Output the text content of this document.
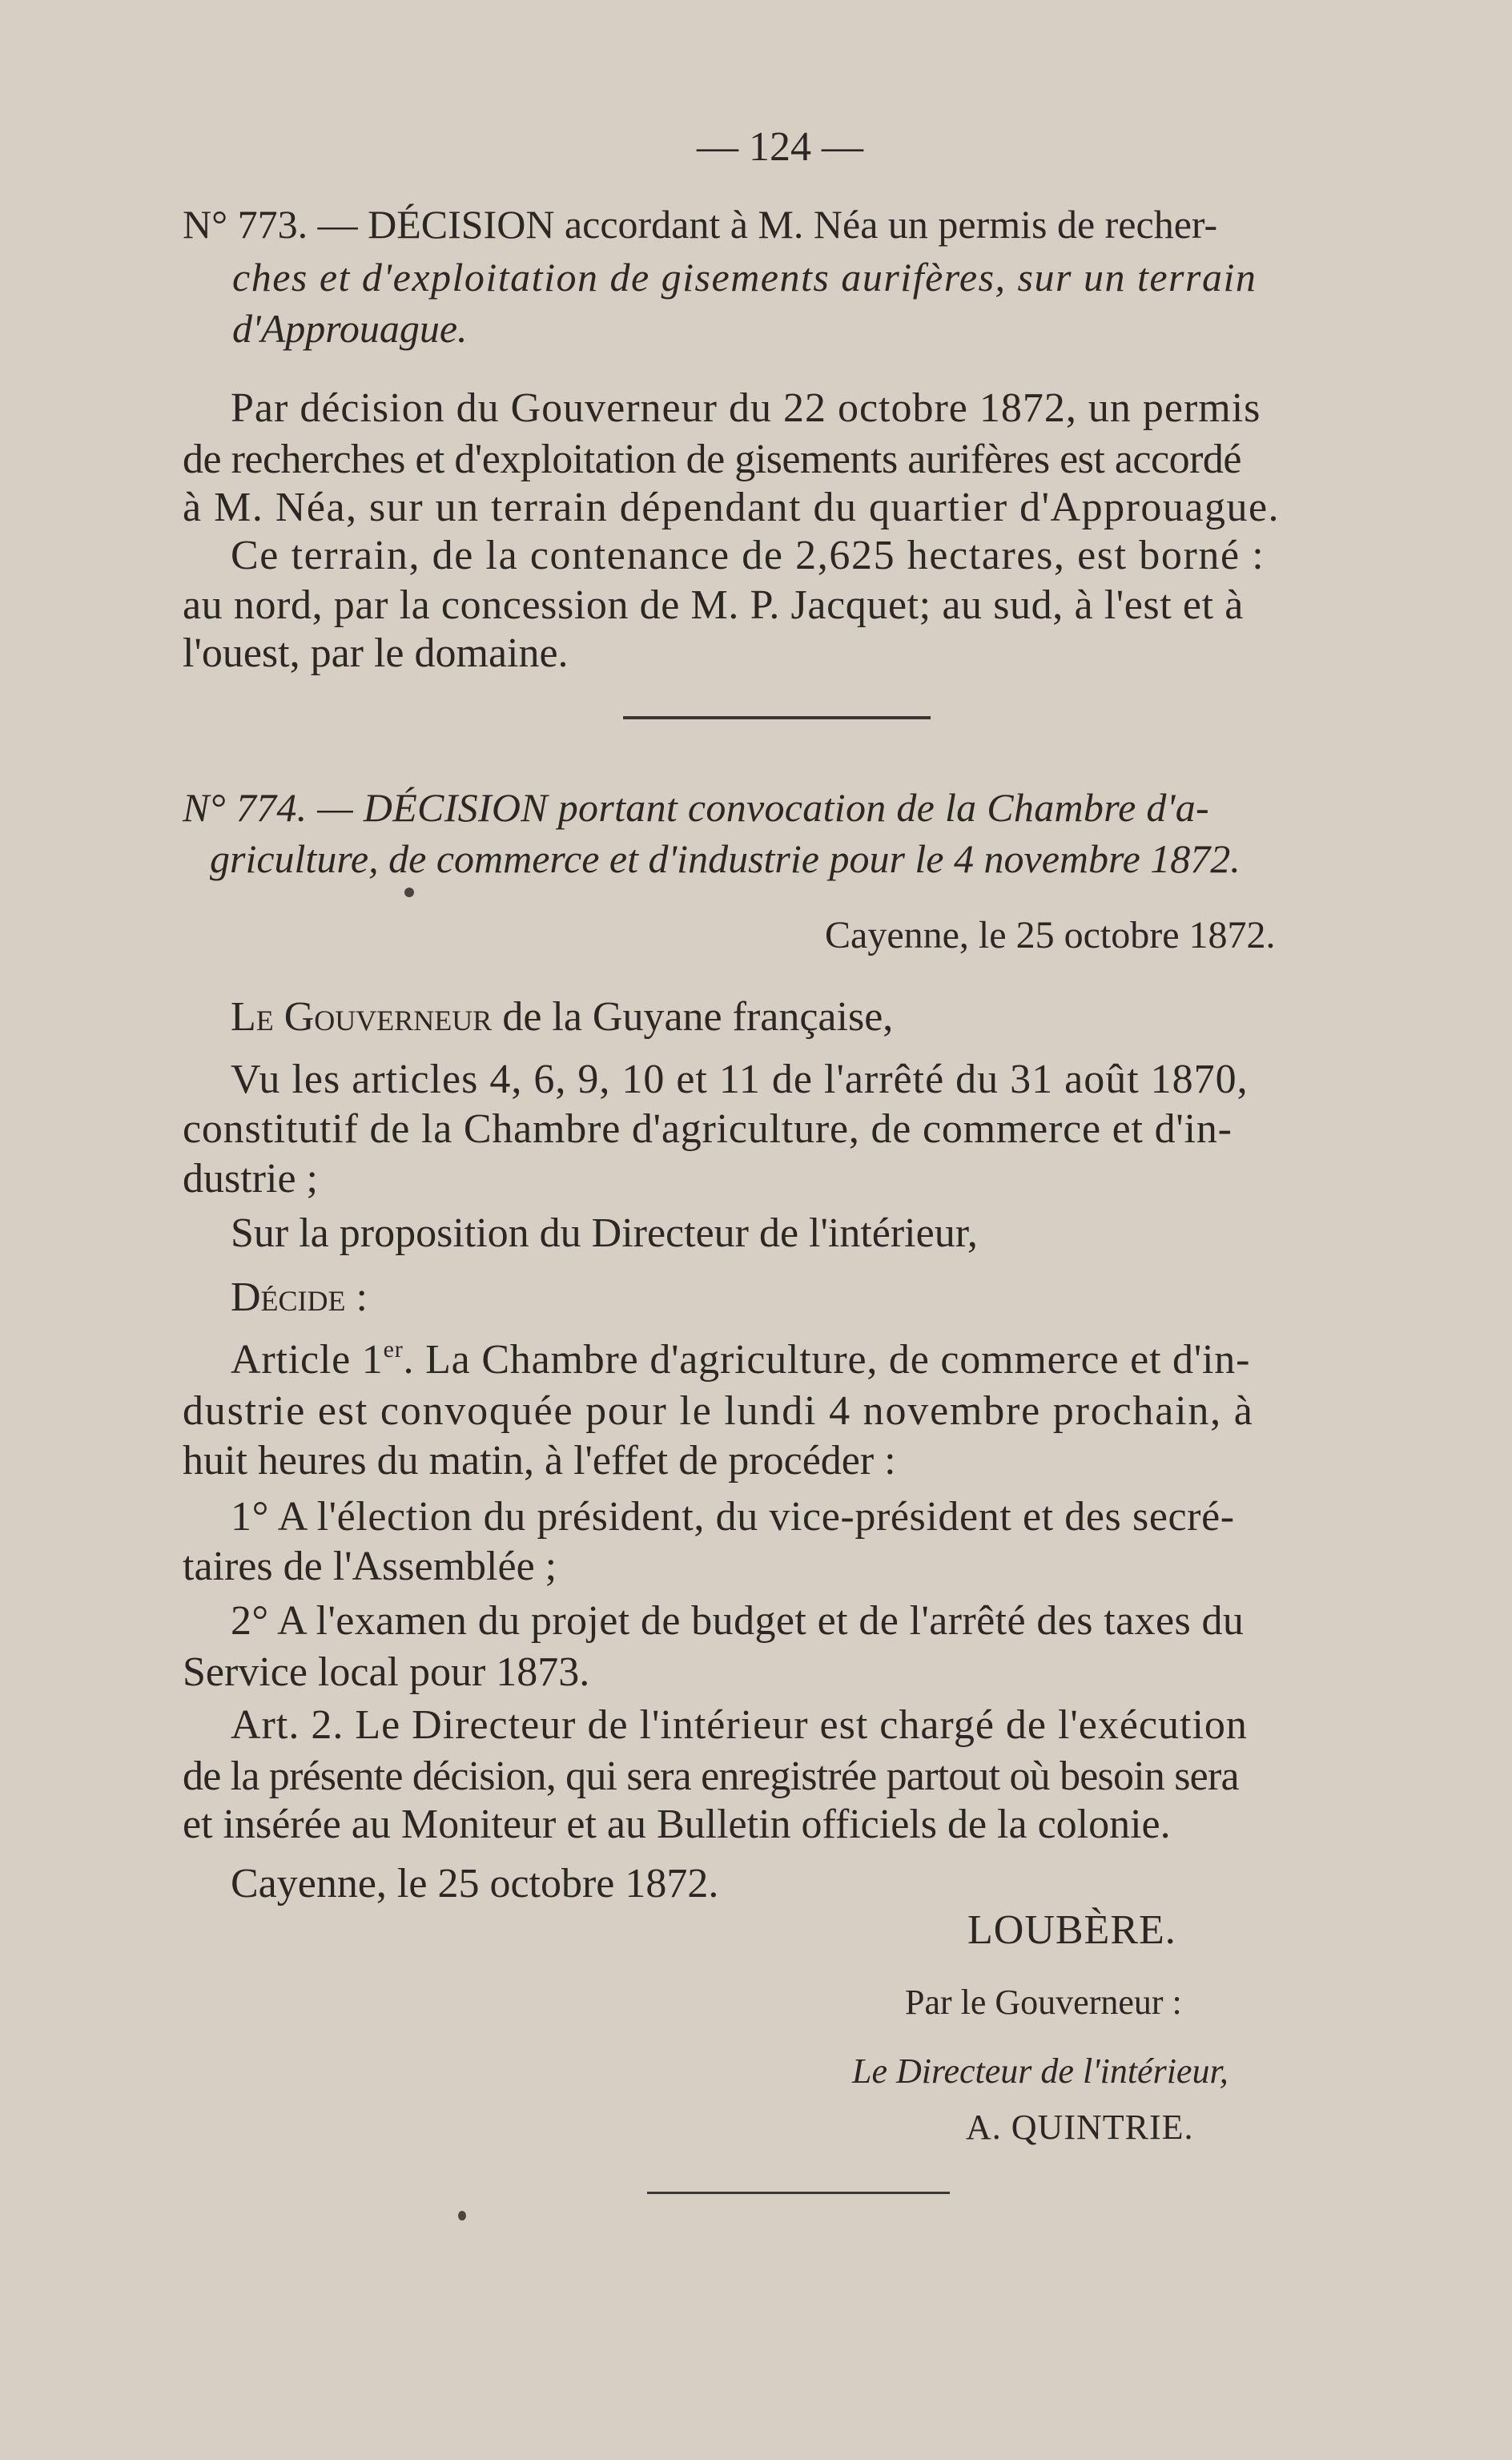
— 124 —
N° 773. — DÉCISION accordant à M. Néa un permis de recher-
ches et d'exploitation de gisements aurifères, sur un terrain
d'Approuague.
Par décision du Gouverneur du 22 octobre 1872, un permis
de recherches et d'exploitation de gisements aurifères est accordé
à M. Néa, sur un terrain dépendant du quartier d'Approuague.
Ce terrain, de la contenance de 2,625 hectares, est borné :
au nord, par la concession de M. P. Jacquet; au sud, à l'est et à
l'ouest, par le domaine.
N° 774. — DÉCISION portant convocation de la Chambre d'a-
griculture, de commerce et d'industrie pour le 4 novembre 1872.
Cayenne, le 25 octobre 1872.
Le Gouverneur de la Guyane française,
Vu les articles 4, 6, 9, 10 et 11 de l'arrêté du 31 août 1870,
constitutif de la Chambre d'agriculture, de commerce et d'in-
dustrie ;
Sur la proposition du Directeur de l'intérieur,
Décide :
Article 1er. La Chambre d'agriculture, de commerce et d'in-
dustrie est convoquée pour le lundi 4 novembre prochain, à
huit heures du matin, à l'effet de procéder :
1° A l'élection du président, du vice-président et des secré-
taires de l'Assemblée ;
2° A l'examen du projet de budget et de l'arrêté des taxes du
Service local pour 1873.
Art. 2. Le Directeur de l'intérieur est chargé de l'exécution
de la présente décision, qui sera enregistrée partout où besoin sera
et insérée au Moniteur et au Bulletin officiels de la colonie.
Cayenne, le 25 octobre 1872.
LOUBÈRE.
Par le Gouverneur :
Le Directeur de l'intérieur,
A. QUINTRIE.
